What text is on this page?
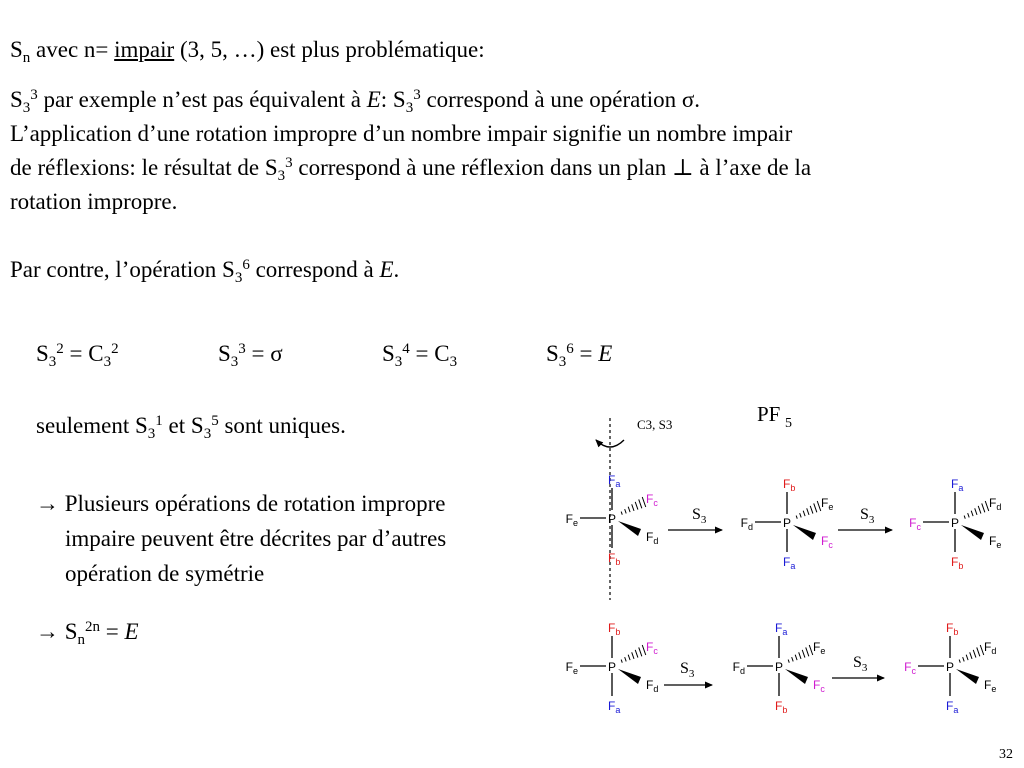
$S_n$ avec n= impair (3, 5, …) est plus problématique:
$S_3^3$ par exemple n’est pas équivalent à E: $S_3^3$ correspond à une opération σ.
L’application d’une rotation impropre d’un nombre impair signifie un nombre impair
de réflexions: le résultat de $S_3^3$ correspond à une réflexion dans un plan ⊥ à l’axe de la
rotation impropre.
Par contre, l’opération $S_3^6$ correspond à E.
$S_3^2 = C_3^2$	$S_3^3 = \sigma$	$S_3^4 = C_3$	$S_3^6 = E$
seulement $S_3^1$ et $S_3^5$ sont uniques.
→ Plusieurs opérations de rotation impropre
impaire peuvent être décrites par d’autres
opération de symétrie
→ $S_n^{2n} = E$
PF 5
C3, S3
P
$F_a$
$F_e$
$F_c$
$F_d$
$F_b$
P
$F_b$
$F_d$
$F_e$
$F_c$
$F_a$
P
$F_a$
$F_c$
$F_d$
$F_e$
$F_b$
P
$F_b$
$F_e$
$F_c$
$F_d$
$F_a$
P
$F_a$
$F_d$
$F_e$
$F_c$
$F_b$
P
$F_b$
$F_c$
$F_d$
$F_e$
$F_a$
$S_3$	$S_3$
$S_3$
$S_3$
32
